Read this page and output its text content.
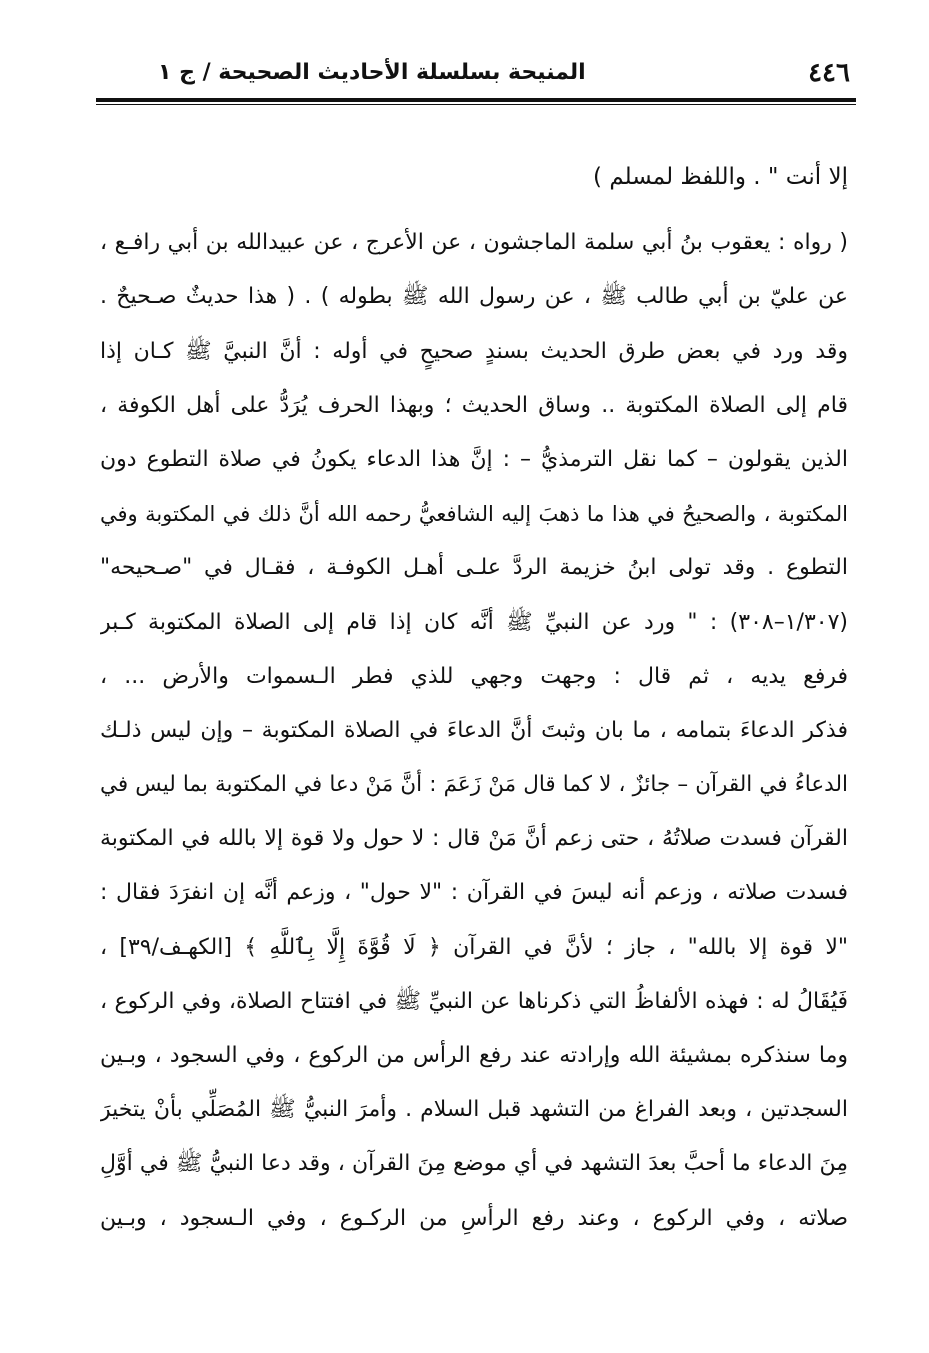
٤٤٦
المنيحة بسلسلة الأحاديث الصحيحة / ج ١
إلا أنت " . واللفظ لمسلم )
( رواه : يعقوب بنُ أبي سلمة الماجشون ، عن الأعرج ، عن عبيدالله بن أبي رافـع ،
عن عليّ بن أبي طالب ﷺ ، عن رسول الله ﷺ بطوله ) . ( هذا حديثٌ صـحيحٌ .
وقد ورد في بعض طرق الحديث بسندٍ صحيحٍ في أوله : أنَّ النبيَّ ﷺ كـان إذا
قام إلى الصلاة المكتوبة .. وساق الحديث ؛ وبهذا الحرف يُرَدُّ على أهل الكوفة ،
الذين يقولون – كما نقل الترمذيُّ – : إنَّ هذا الدعاء يكونُ في صلاة التطوع دون
المكتوبة ، والصحيحُ في هذا ما ذهبَ إليه الشافعيُّ رحمه الله أنَّ ذلك في المكتوبة وفي
التطوع . وقد تولى ابنُ خزيمة الردَّ علـى أهـل الكوفـة ، فقـال في "صـحيحه"
(١/٣٠٧–٣٠٨) : " ورد عن النبيِّ ﷺ أنَّه كان إذا قام إلى الصلاة المكتوبة كـبر
فرفع يديه ، ثم قال : وجهت وجهي للذي فطر الـسموات والأرض ... ،
فذكر الدعاءَ بتمامه ، ما بان وثبتَ أنَّ الدعاءَ في الصلاة المكتوبة – وإن ليس ذلـك
الدعاءُ في القرآن – جائزٌ ، لا كما قال مَنْ زَعَمَ : أنَّ مَنْ دعا في المكتوبة بما ليس في
القرآن فسدت صلاتُهُ ، حتى زعم أنَّ مَنْ قال : لا حول ولا قوة إلا بالله في المكتوبة
فسدت صلاته ، وزعم أنه ليسَ في القرآن : "لا حول" ، وزعم أنَّه إن انفرَدَ فقال :
"لا قوة إلا بالله" ، جاز ؛ لأنَّ في القرآن ﴿ لَا قُوَّةَ إِلَّا بِٱللَّهِ ﴾ [الكهـف/٣٩] ،
فَيُقَالُ له : فهذه الألفاظُ التي ذكرناها عن النبيِّ ﷺ في افتتاح الصلاة، وفي الركوع ،
وما سنذكره بمشيئة الله وإرادته عند رفع الرأس من الركوع ، وفي السجود ، وبـين
السجدتين ، وبعد الفراغ من التشهد قبل السلام . وأمرَ النبيُّ ﷺ المُصَلِّي بأنْ يتخيرَ
مِنَ الدعاء ما أحبَّ بعدَ التشهد في أي موضع مِنَ القرآن ، وقد دعا النبيُّ ﷺ في أوَّلِ
صلاته ، وفي الركوع ، وعند رفع الرأسِ من الركـوع ، وفي الـسجود ، وبـين
